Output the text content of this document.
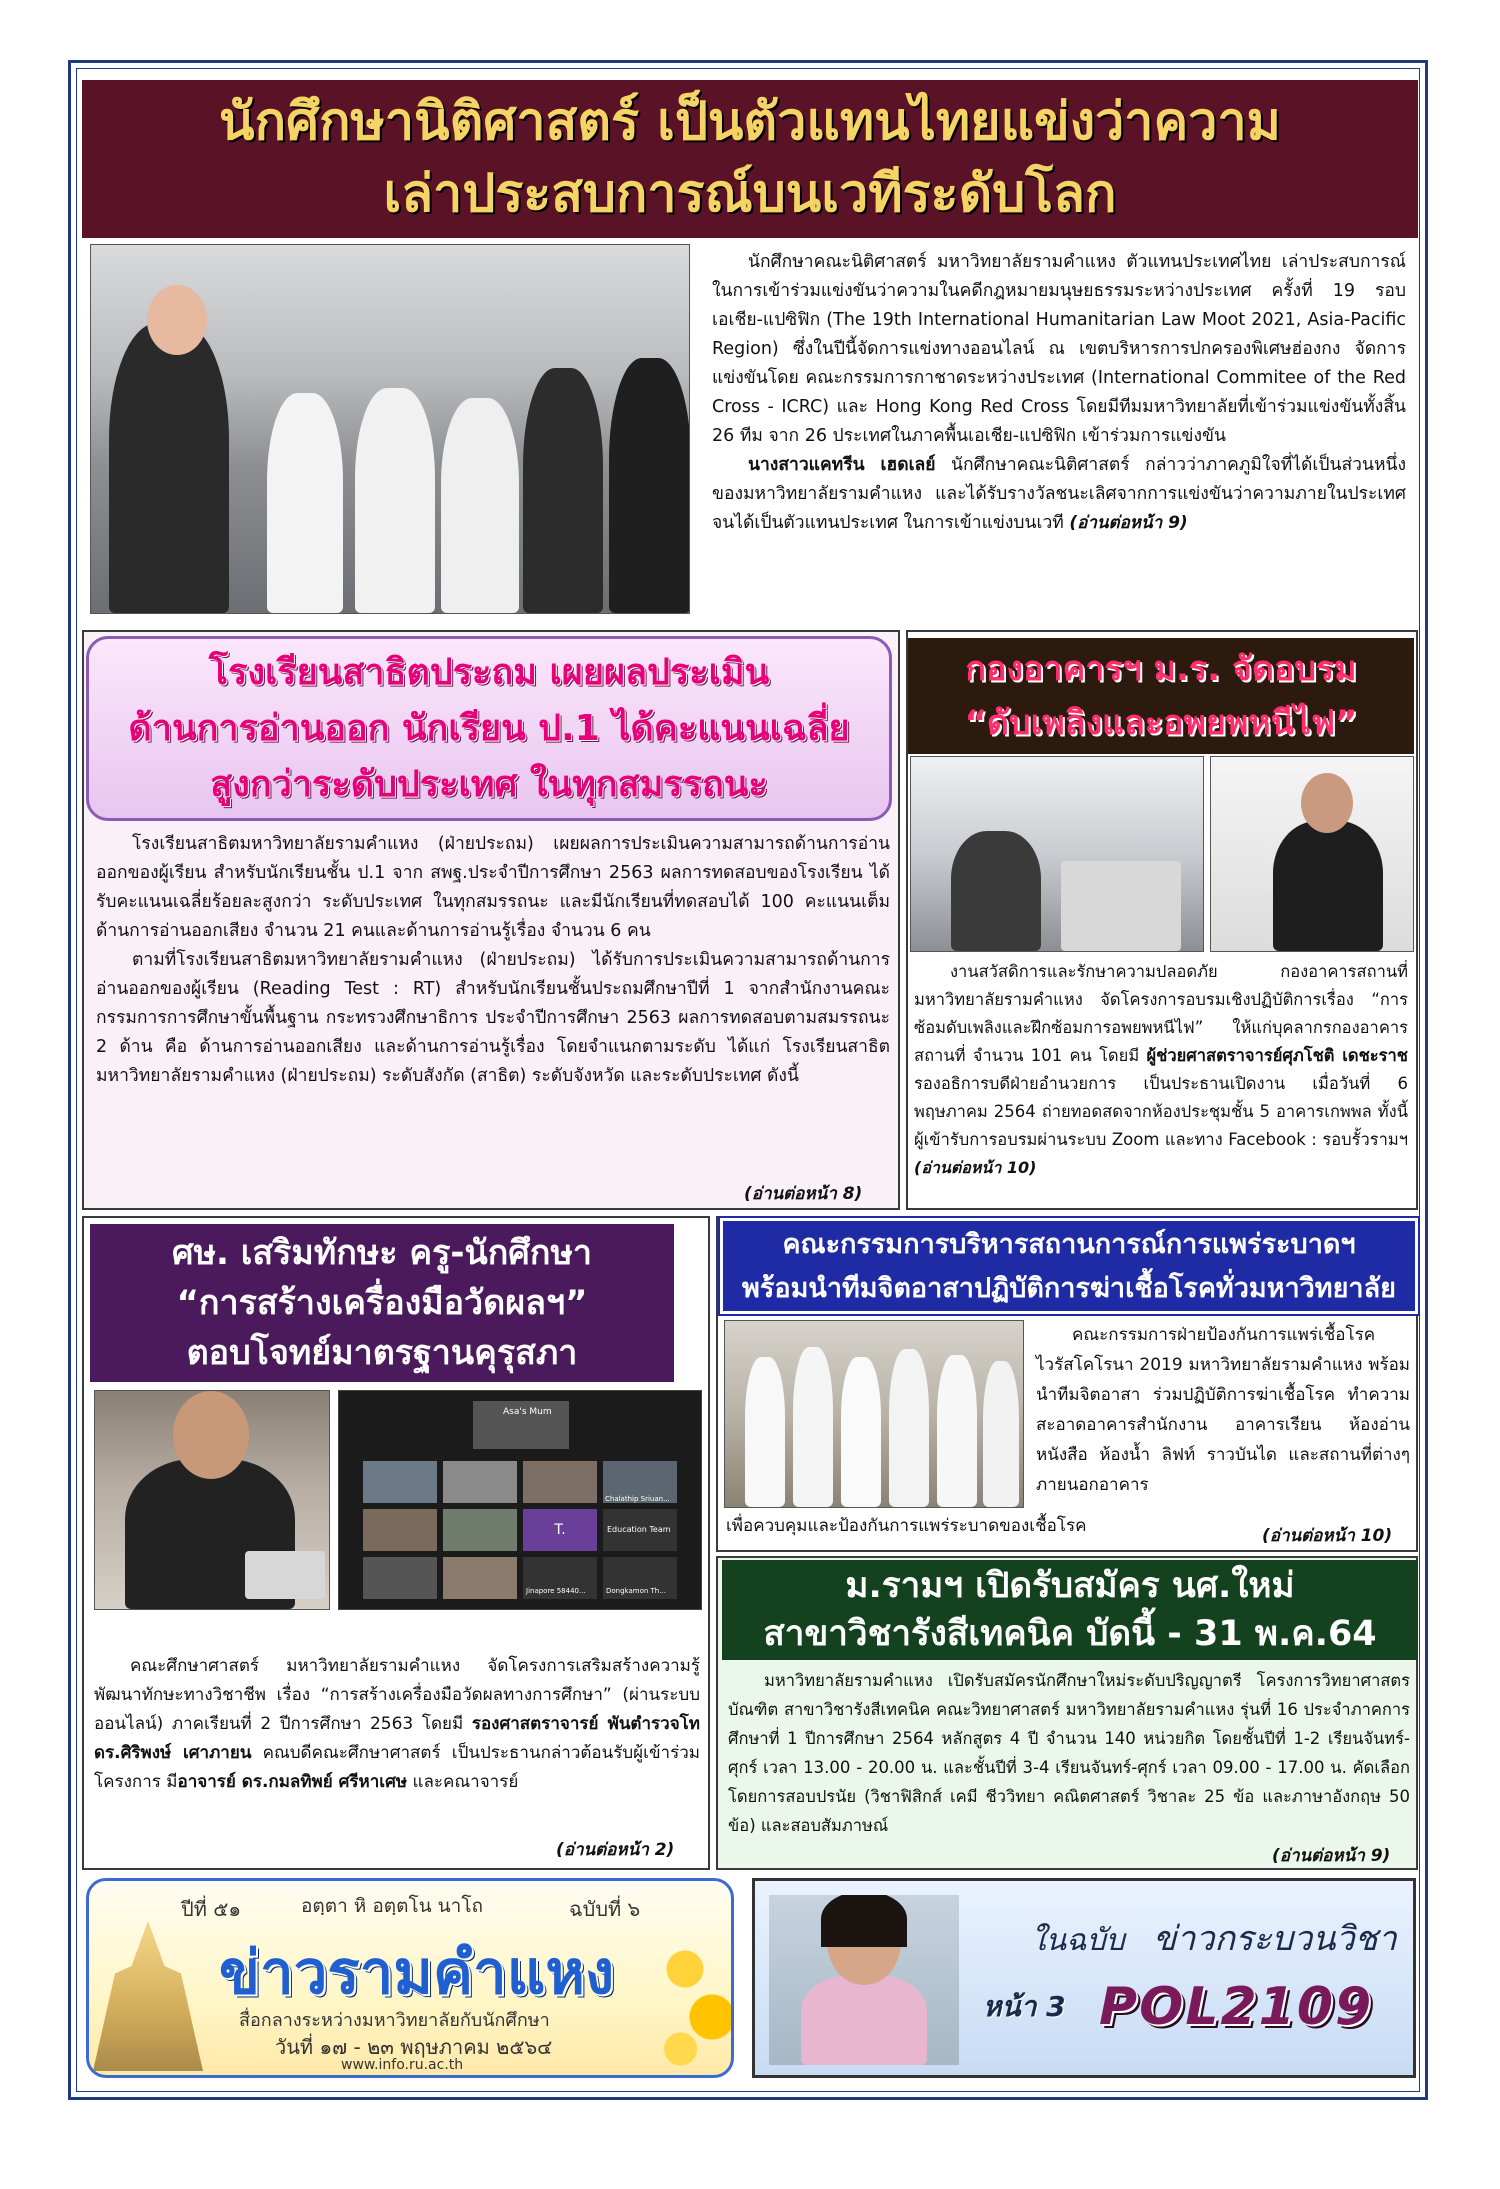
นักศึกษานิติศาสตร์ เป็นตัวแทนไทยแข่งว่าความ
เล่าประสบการณ์บนเวทีระดับโลก

นักศึกษาคณะนิติศาสตร์ มหาวิทยาลัยรามคำแหง ตัวแทนประเทศไทย เล่าประสบการณ์ในการเข้าร่วมแข่งขันว่าความในคดีกฎหมายมนุษยธรรมระหว่างประเทศ ครั้งที่ 19 รอบเอเชีย-แปซิฟิก (The 19th International Humanitarian Law Moot 2021, Asia-Pacific Region) ซึ่งในปีนี้จัดการแข่งทางออนไลน์ ณ เขตบริหารการปกครองพิเศษฮ่องกง จัดการแข่งขันโดย คณะกรรมการกาชาดระหว่างประเทศ (International Commitee of the Red Cross - ICRC) และ Hong Kong Red Cross โดยมีทีมมหาวิทยาลัยที่เข้าร่วมแข่งขันทั้งสิ้น 26 ทีม จาก 26 ประเทศในภาคพื้นเอเชีย-แปซิฟิก เข้าร่วมการแข่งขัน

นางสาวแคทรีน เฮดเลย์ นักศึกษาคณะนิติศาสตร์ กล่าวว่าภาคภูมิใจที่ได้เป็นส่วนหนึ่งของมหาวิทยาลัยรามคำแหง และได้รับรางวัลชนะเลิศจากการแข่งขันว่าความภายในประเทศ จนได้เป็นตัวแทนประเทศ ในการเข้าแข่งบนเวที (อ่านต่อหน้า 9)

โรงเรียนสาธิตประถม เผยผลประเมิน
ด้านการอ่านออก นักเรียน ป.1 ได้คะแนนเฉลี่ย
สูงกว่าระดับประเทศ ในทุกสมรรถนะ

โรงเรียนสาธิตมหาวิทยาลัยรามคำแหง (ฝ่ายประถม) เผยผลการประเมินความสามารถด้านการอ่านออกของผู้เรียน สำหรับนักเรียนชั้น ป.1 จาก สพฐ.ประจำปีการศึกษา 2563 ผลการทดสอบของโรงเรียน ได้รับคะแนนเฉลี่ยร้อยละสูงกว่า ระดับประเทศ ในทุกสมรรถนะ และมีนักเรียนที่ทดสอบได้ 100 คะแนนเต็ม ด้านการอ่านออกเสียง จำนวน 21 คนและด้านการอ่านรู้เรื่อง จำนวน 6 คน

ตามที่โรงเรียนสาธิตมหาวิทยาลัยรามคำแหง (ฝ่ายประถม) ได้รับการประเมินความสามารถด้านการอ่านออกของผู้เรียน (Reading Test : RT) สำหรับนักเรียนชั้นประถมศึกษาปีที่ 1 จากสำนักงานคณะกรรมการการศึกษาขั้นพื้นฐาน กระทรวงศึกษาธิการ ประจำปีการศึกษา 2563 ผลการทดสอบตามสมรรถนะ 2 ด้าน คือ ด้านการอ่านออกเสียง และด้านการอ่านรู้เรื่อง โดยจำแนกตามระดับ ได้แก่ โรงเรียนสาธิตมหาวิทยาลัยรามคำแหง (ฝ่ายประถม) ระดับสังกัด (สาธิต) ระดับจังหวัด และระดับประเทศ ดังนี้

(อ่านต่อหน้า 8)
กองอาคารฯ ม.ร. จัดอบรม
“ดับเพลิงและอพยพหนีไฟ”

งานสวัสดิการและรักษาความปลอดภัย กองอาคารสถานที่ มหาวิทยาลัยรามคำแหง จัดโครงการอบรมเชิงปฏิบัติการเรื่อง “การซ้อมดับเพลิงและฝึกซ้อมการอพยพหนีไฟ” ให้แก่บุคลากรกองอาคารสถานที่ จำนวน 101 คน โดยมี ผู้ช่วยศาสตราจารย์ศุภโชติ เดชะราช รองอธิการบดีฝ่ายอำนวยการ เป็นประธานเปิดงาน เมื่อวันที่ 6 พฤษภาคม 2564 ถ่ายทอดสดจากห้องประชุมชั้น 5 อาคารเกพพล ทั้งนี้ผู้เข้ารับการอบรมผ่านระบบ Zoom และทาง Facebook : รอบรั้วรามฯ (อ่านต่อหน้า 10)

ศษ. เสริมทักษะ ครู-นักศึกษา
“การสร้างเครื่องมือวัดผลฯ”
ตอบโจทย์มาตรฐานคุรุสภา
Asa's Mum
T.	Education Team
Jinapore 58440...	Dongkamon Th...
Chalathip Sriuan...

คณะศึกษาศาสตร์ มหาวิทยาลัยรามคำแหง จัดโครงการเสริมสร้างความรู้พัฒนาทักษะทางวิชาชีพ เรื่อง “การสร้างเครื่องมือวัดผลทางการศึกษา” (ผ่านระบบออนไลน์) ภาคเรียนที่ 2 ปีการศึกษา 2563 โดยมี รองศาสตราจารย์ พันตำรวจโท ดร.ศิริพงษ์ เศาภายน คณบดีคณะศึกษาศาสตร์ เป็นประธานกล่าวต้อนรับผู้เข้าร่วมโครงการ มีอาจารย์ ดร.กมลทิพย์ ศรีหาเศษ และคณาจารย์

(อ่านต่อหน้า 2)
คณะกรรมการบริหารสถานการณ์การแพร่ระบาดฯ
พร้อมนำทีมจิตอาสาปฏิบัติการฆ่าเชื้อโรคทั่วมหาวิทยาลัย

คณะกรรมการฝ่ายป้องกันการแพร่เชื้อโรคไวรัสโคโรนา 2019 มหาวิทยาลัยรามคำแหง พร้อมนำทีมจิตอาสา ร่วมปฏิบัติการฆ่าเชื้อโรค ทำความสะอาดอาคารสำนักงาน อาคารเรียน ห้องอ่านหนังสือ ห้องน้ำ ลิฟท์ ราวบันได และสถานที่ต่างๆ ภายนอกอาคาร

เพื่อควบคุมและป้องกันการแพร่ระบาดของเชื้อโรค	(อ่านต่อหน้า 10)
ม.รามฯ เปิดรับสมัคร นศ.ใหม่
สาขาวิชารังสีเทคนิค บัดนี้ - 31 พ.ค.64

มหาวิทยาลัยรามคำแหง เปิดรับสมัครนักศึกษาใหม่ระดับปริญญาตรี โครงการวิทยาศาสตรบัณฑิต สาขาวิชารังสีเทคนิค คณะวิทยาศาสตร์ มหาวิทยาลัยรามคำแหง รุ่นที่ 16 ประจำภาคการศึกษาที่ 1 ปีการศึกษา 2564 หลักสูตร 4 ปี จำนวน 140 หน่วยกิต โดยชั้นปีที่ 1-2 เรียนจันทร์-ศุกร์ เวลา 13.00 - 20.00 น. และชั้นปีที่ 3-4 เรียนจันทร์-ศุกร์ เวลา 09.00 - 17.00 น. คัดเลือกโดยการสอบปรนัย (วิชาฟิสิกส์ เคมี ชีววิทยา คณิตศาสตร์ วิชาละ 25 ข้อ และภาษาอังกฤษ 50 ข้อ) และสอบสัมภาษณ์

(อ่านต่อหน้า 9)
ปีที่ ๕๑	อตฺตา หิ อตฺตโน นาโถ	ฉบับที่ ๖
ข่าวรามคำแหง
สื่อกลางระหว่างมหาวิทยาลัยกับนักศึกษา
วันที่ ๑๗ - ๒๓ พฤษภาคม ๒๕๖๔
www.info.ru.ac.th
ในฉบับ ข่าวกระบวนวิชา
หน้า 3 POL2109
